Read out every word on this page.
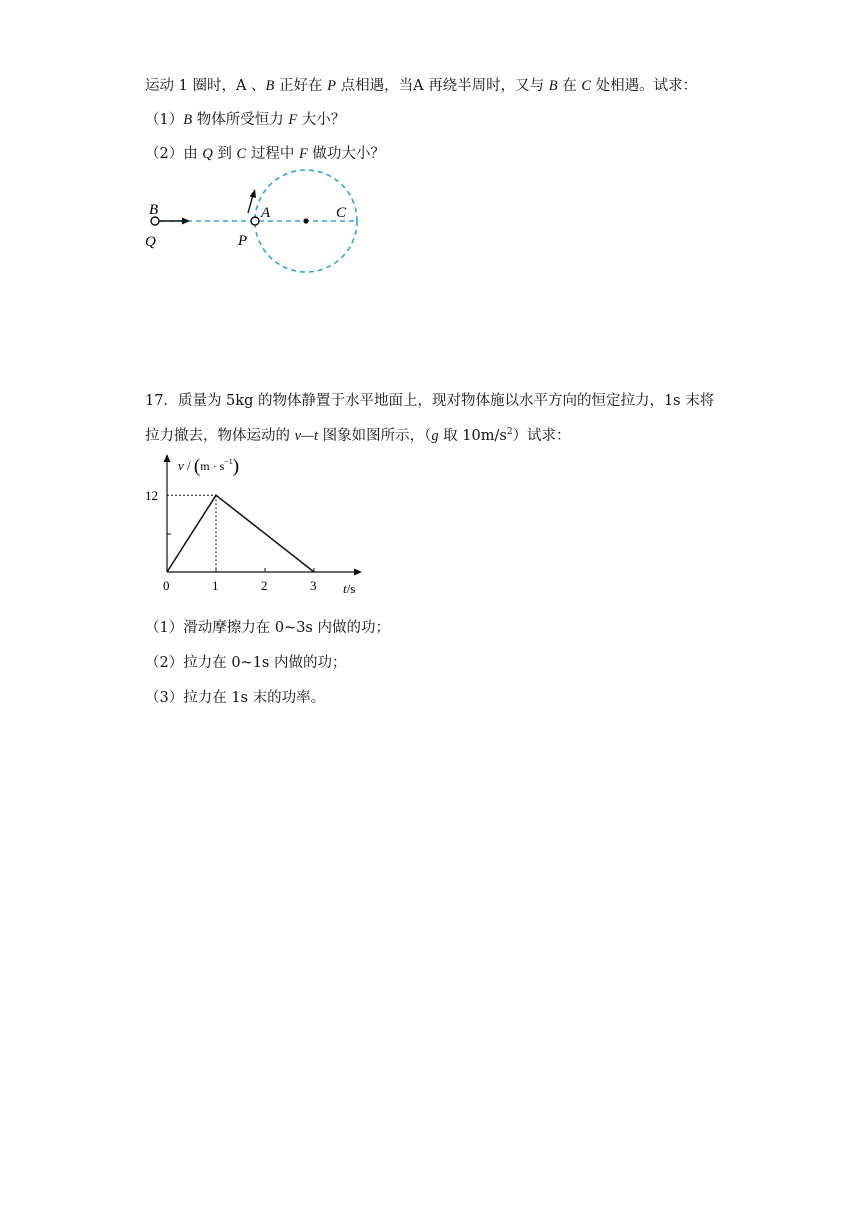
运动 1 圈时，A 、B 正好在 P 点相遇，当A 再绕半周时，又与 B 在 C 处相遇。试求：
（1）B 物体所受恒力 F 大小？
（2）由 Q 到 C 过程中 F 做功大小？
B
Q	P
A	C
17．质量为 5kg 的物体静置于水平地面上，现对物体施以水平方向的恒定拉力，1s 末将
拉力撤去，物体运动的 v—t 图象如图所示，（g 取 $10m/s^2$）试求：
0	1	2	3
12
$v / (m \cdot s^{-1})$
t/s
（1）滑动摩擦力在 0~3s 内做的功；
（2）拉力在 0~1s 内做的功；
（3）拉力在 1s 末的功率。
